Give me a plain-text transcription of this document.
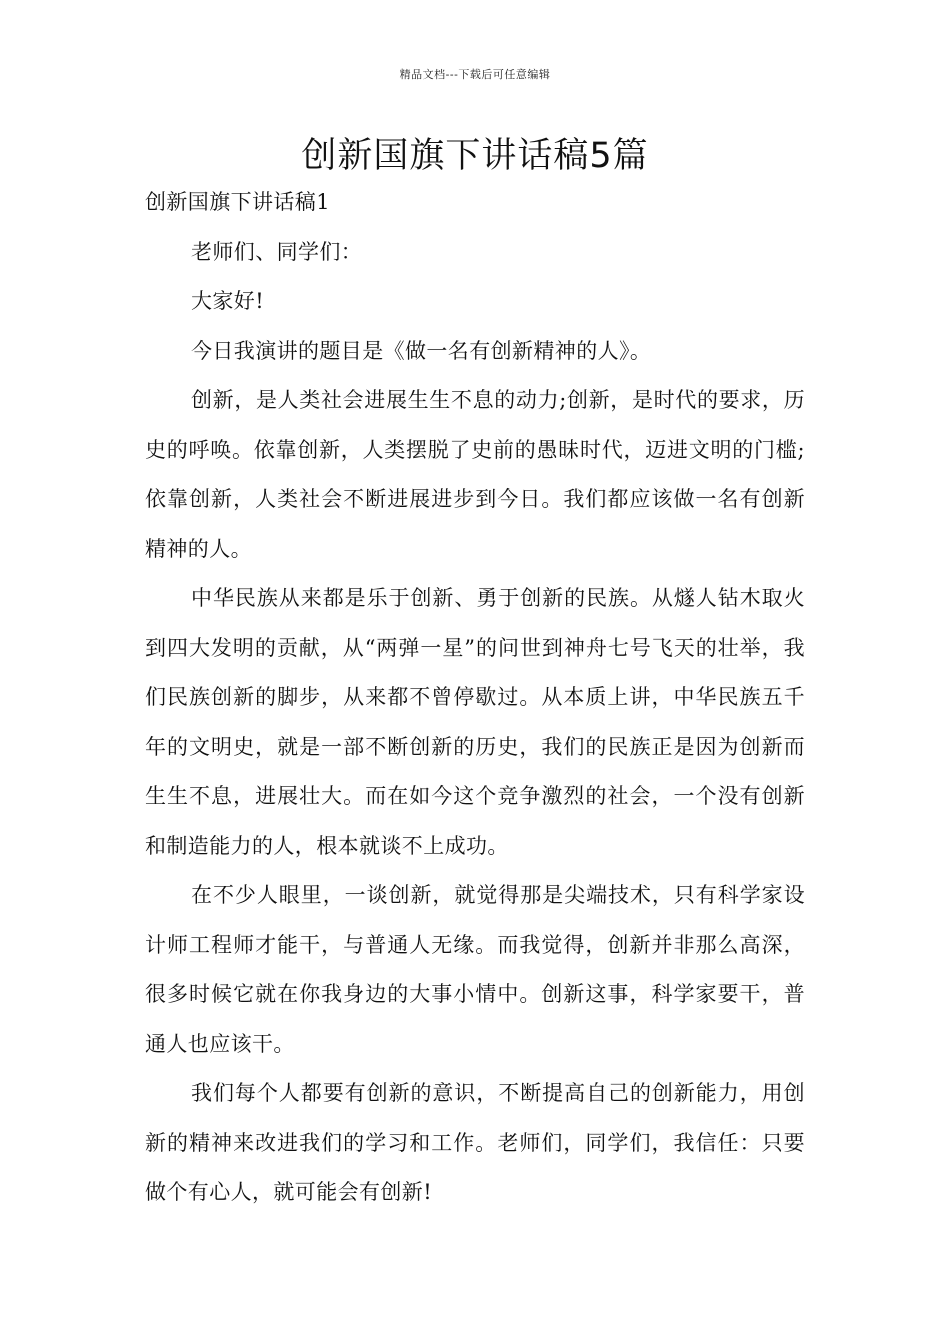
精品文档---下载后可任意编辑
创新国旗下讲话稿5篇

创新国旗下讲话稿1

老师们、同学们：

大家好!

今日我演讲的题目是《做一名有创新精神的人》。

创新，是人类社会进展生生不息的动力;创新，是时代的要求，历史的呼唤。依靠创新，人类摆脱了史前的愚昧时代，迈进文明的门槛;依靠创新，人类社会不断进展进步到今日。我们都应该做一名有创新精神的人。

中华民族从来都是乐于创新、勇于创新的民族。从燧人钻木取火到四大发明的贡献，从“两弹一星”的问世到神舟七号飞天的壮举，我们民族创新的脚步，从来都不曾停歇过。从本质上讲，中华民族五千年的文明史，就是一部不断创新的历史，我们的民族正是因为创新而生生不息，进展壮大。而在如今这个竞争激烈的社会，一个没有创新和制造能力的人，根本就谈不上成功。

在不少人眼里，一谈创新，就觉得那是尖端技术，只有科学家设计师工程师才能干，与普通人无缘。而我觉得，创新并非那么高深，很多时候它就在你我身边的大事小情中。创新这事，科学家要干，普通人也应该干。

我们每个人都要有创新的意识，不断提高自己的创新能力，用创新的精神来改进我们的学习和工作。老师们，同学们，我信任：只要做个有心人，就可能会有创新!
